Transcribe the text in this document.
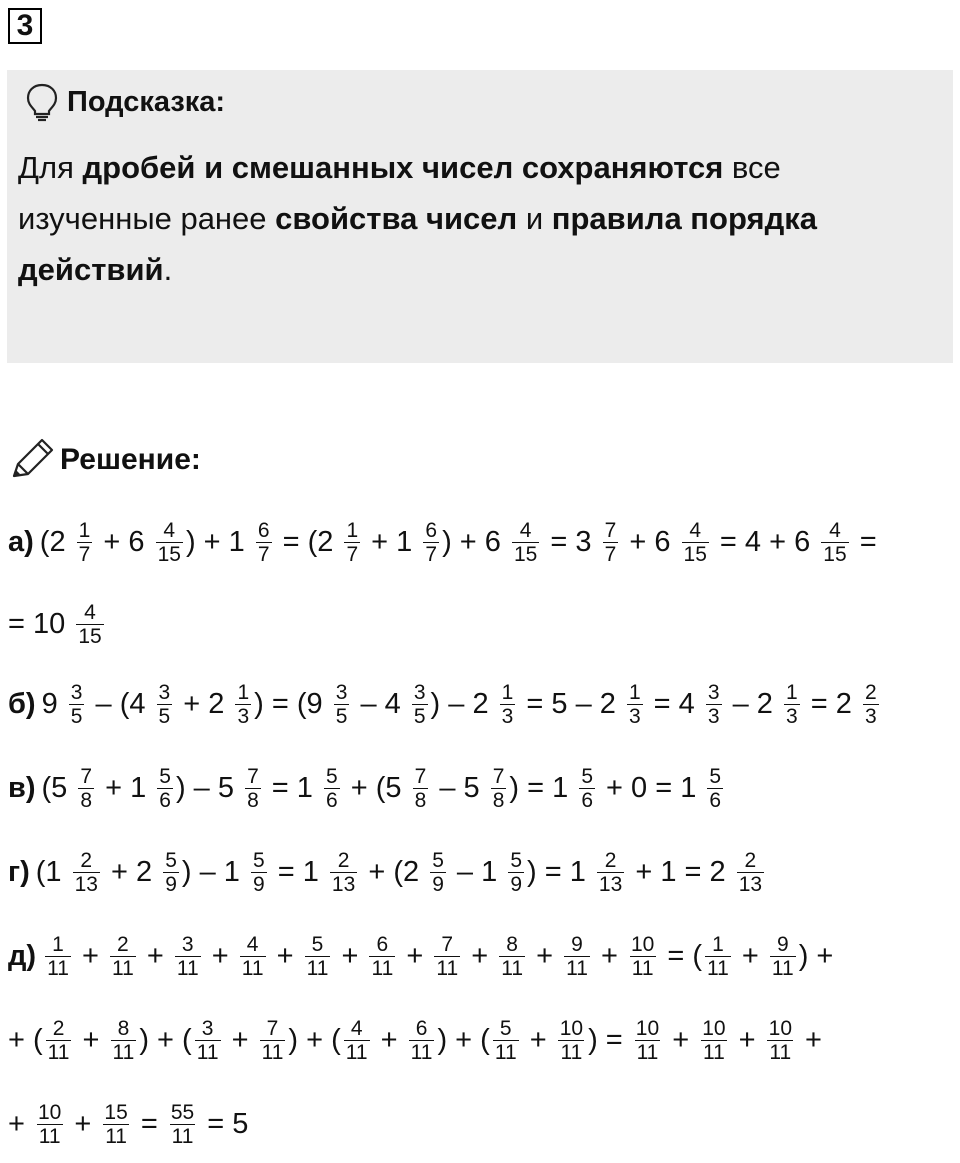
3
Подсказка:

Для дробей и смешанных чисел сохраняются все изученные ранее свойства чисел и правила порядка действий.

Решение:
а) ($2 \frac{1}{7} + 6 \frac{4}{15}$ ) + $1 \frac{6}{7} = (2 \frac{1}{7} + 1 \frac{6}{7}$ ) + $6 \frac{4}{15} = 3 \frac{7}{7} + 6 \frac{4}{15} = 4 + 6 \frac{4}{15}$ =
= $10 \frac{4}{15}$
б) $9 \frac{3}{5} - (4 \frac{3}{5} + 2 \frac{1}{3}$ ) = ($9 \frac{3}{5} - 4 \frac{3}{5}$ ) – $2 \frac{1}{3} = 5 - 2 \frac{1}{3} = 4 \frac{3}{3} - 2 \frac{1}{3} = 2 \frac{2}{3}$
в) ($5 \frac{7}{8} + 1 \frac{5}{6}$ ) – $5 \frac{7}{8} = 1 \frac{5}{6} + (5 \frac{7}{8} - 5 \frac{7}{8}$ ) = $1 \frac{5}{6} + 0 = 1 \frac{5}{6}$
г) ($1 \frac{2}{13} + 2 \frac{5}{9}$ ) – $1 \frac{5}{9} = 1 \frac{2}{13} + (2 \frac{5}{9} - 1 \frac{5}{9}$ ) = $1 \frac{2}{13} + 1 = 2 \frac{2}{13}$
$д) \frac{1}{11} + \frac{2}{11} + \frac{3}{11} + \frac{4}{11} + \frac{5}{11} + \frac{6}{11} + \frac{7}{11} + \frac{8}{11} + \frac{9}{11} + \frac{10}{11}$ = ( $\frac{1}{11} + \frac{9}{11}$ ) +
+ ( $\frac{2}{11} + \frac{8}{11}$ ) + ( $\frac{3}{11} + \frac{7}{11}$ ) + ( $\frac{4}{11} + \frac{6}{11}$ ) + ( $\frac{5}{11} + \frac{10}{11}$ ) = $\frac{10}{11} + \frac{10}{11} + \frac{10}{11}$ +
+ $\frac{10}{11} + \frac{15}{11} = \frac{55}{11} = 5$
